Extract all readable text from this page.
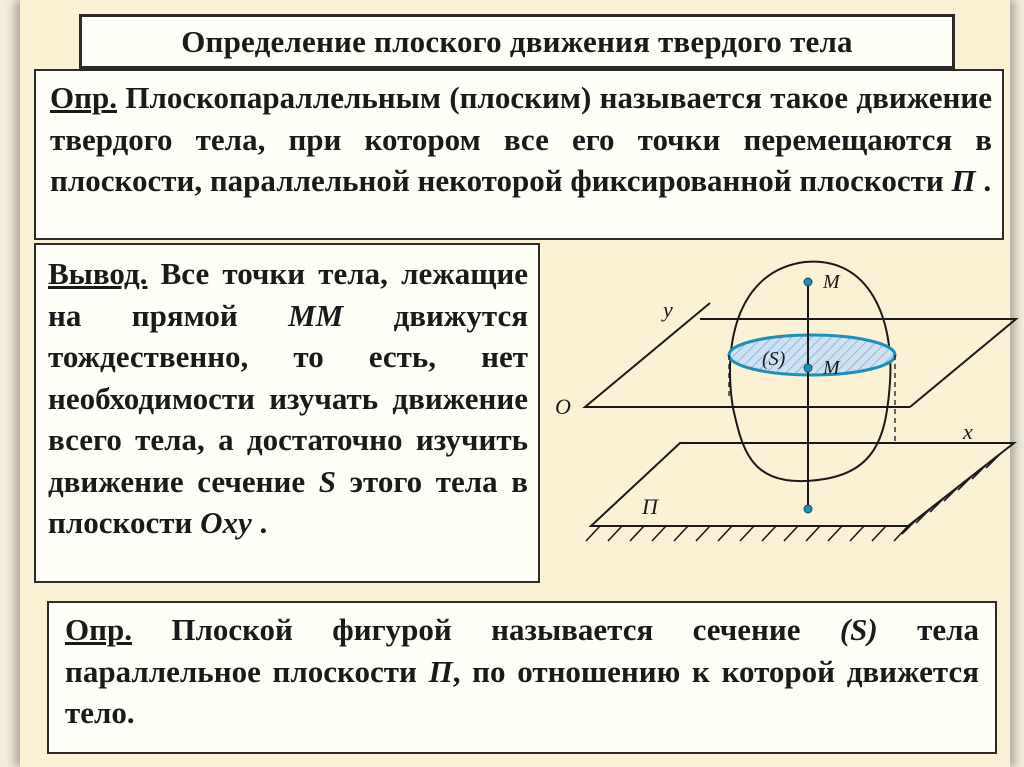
Определение плоского движения твердого тела
Опр. Плоскопараллельным (плоским) называется такое движение твердого тела, при котором все его точки перемещаются в плоскости, параллельной некоторой фиксированной плоскости П .
Вывод. Все точки тела, лежащие на прямой ММ движутся тождественно, то есть, нет необходимости изучать движение всего тела, а достаточно изучить движение сечение S этого тела в плоскости Oxy .
Опр. Плоской фигурой называется сечение (S) тела параллельное плоскости П, по отношению к которой движется тело.
y
O
x
M
M
(S)
П
